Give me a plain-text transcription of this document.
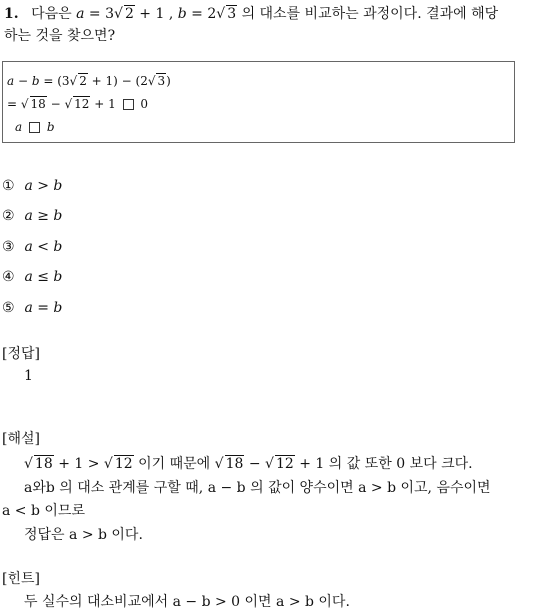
1. 다음은 a = 3√ 2 + 1 , b = 2√ 3 의 대소를 비교하는 과정이다. 결과에 해당
하는 것을 찾으면?
a − b = (3√ 2 + 1) − (2√ 3)
= √ 18 − √ 12 + 1  0
a b
① a > b
② a ≥ b
③ a < b
④ a ≤ b
⑤ a = b
[정답]
1
[해설]
√ 18 + 1 > √ 12 이기 때문에 √ 18 − √ 12 + 1 의 값 또한 0 보다 크다.
a와b 의 대소 관계를 구할 때, a − b 의 값이 양수이면 a > b 이고, 음수이면
a < b 이므로
정답은 a > b 이다.
[힌트]
두 실수의 대소비교에서 a − b > 0 이면 a > b 이다.
